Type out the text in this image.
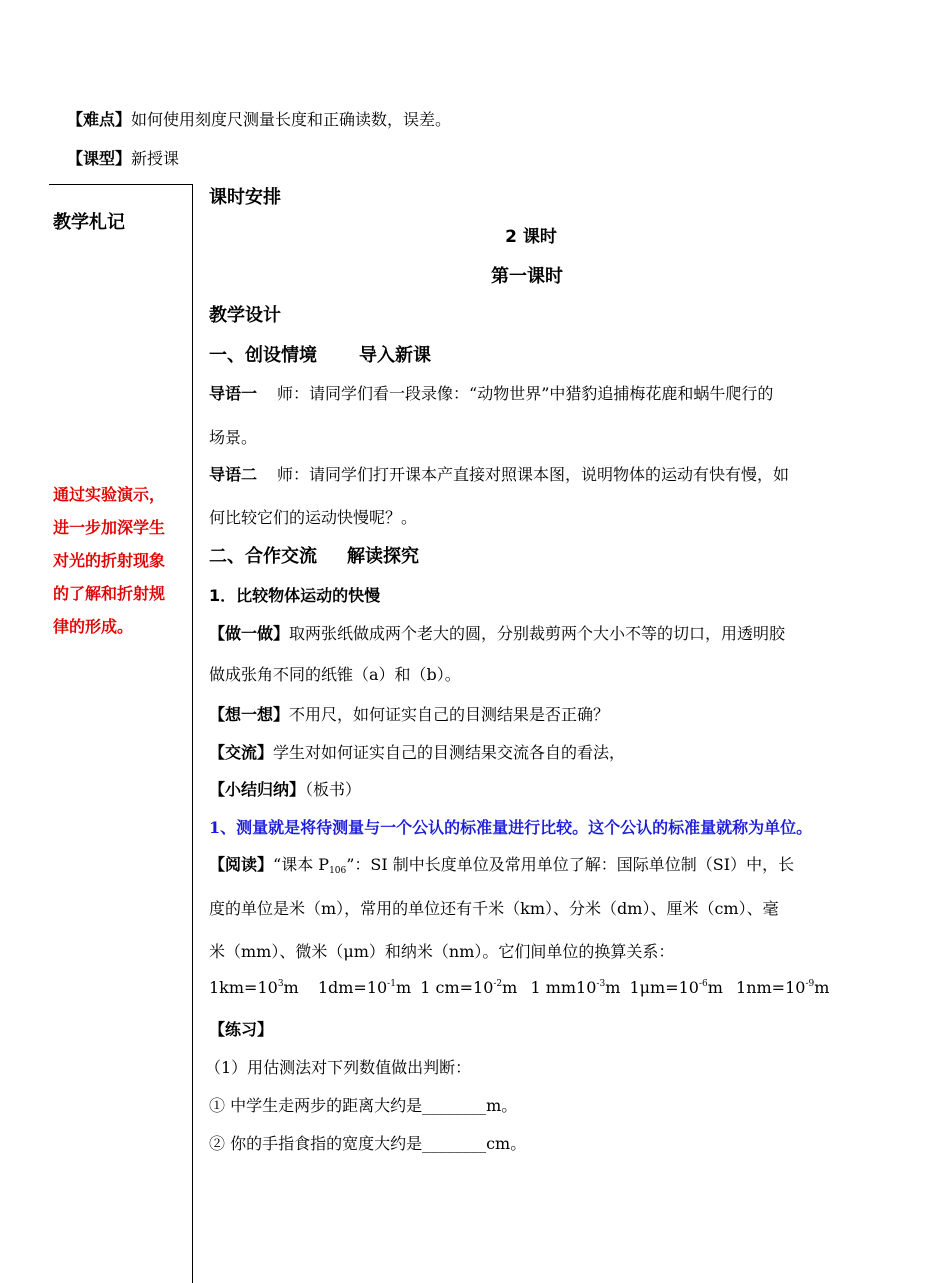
【难点】如何使用刻度尺测量长度和正确读数，误差。
【课型】新授课
教学札记
通过实验演示，
进一步加深学生
对光的折射现象
的了解和折射规
律的形成。
课时安排
2 课时
第一课时
教学设计
一、创设情境 导入新课
导语一 师：请同学们看一段录像：“动物世界”中猎豹追捕梅花鹿和蜗牛爬行的
场景。
导语二 师：请同学们打开课本产直接对照课本图，说明物体的运动有快有慢，如
何比较它们的运动快慢呢？。
二、合作交流 解读探究
1．比较物体运动的快慢
【做一做】取两张纸做成两个老大的圆，分别裁剪两个大小不等的切口，用透明胶
做成张角不同的纸锥（a）和（b）。
【想一想】不用尺，如何证实自己的目测结果是否正确？
【交流】学生对如何证实自己的目测结果交流各自的看法，
【小结归纳】（板书）
1、测量就是将待测量与一个公认的标准量进行比较。这个公认的标准量就称为单位。
【阅读】“课本 $P_{106}$”：SI 制中长度单位及常用单位了解：国际单位制（SI）中，长
度的单位是米（m），常用的单位还有千米（km）、分米（dm）、厘米（cm）、毫
米（mm）、微米（μm）和纳米（nm）。它们间单位的换算关系：
$1km=10^3m$ $1dm=10^{-1}m$ 1 $cm=10^{-2}m$ 1 $mm10^{-3}m$ $1\mu m=10^{-6}m$ $1nm=10^{-9}m$
【练习】
（1）用估测法对下列数值做出判断：
① 中学生走两步的距离大约是________m。
② 你的手指食指的宽度大约是________cm。
